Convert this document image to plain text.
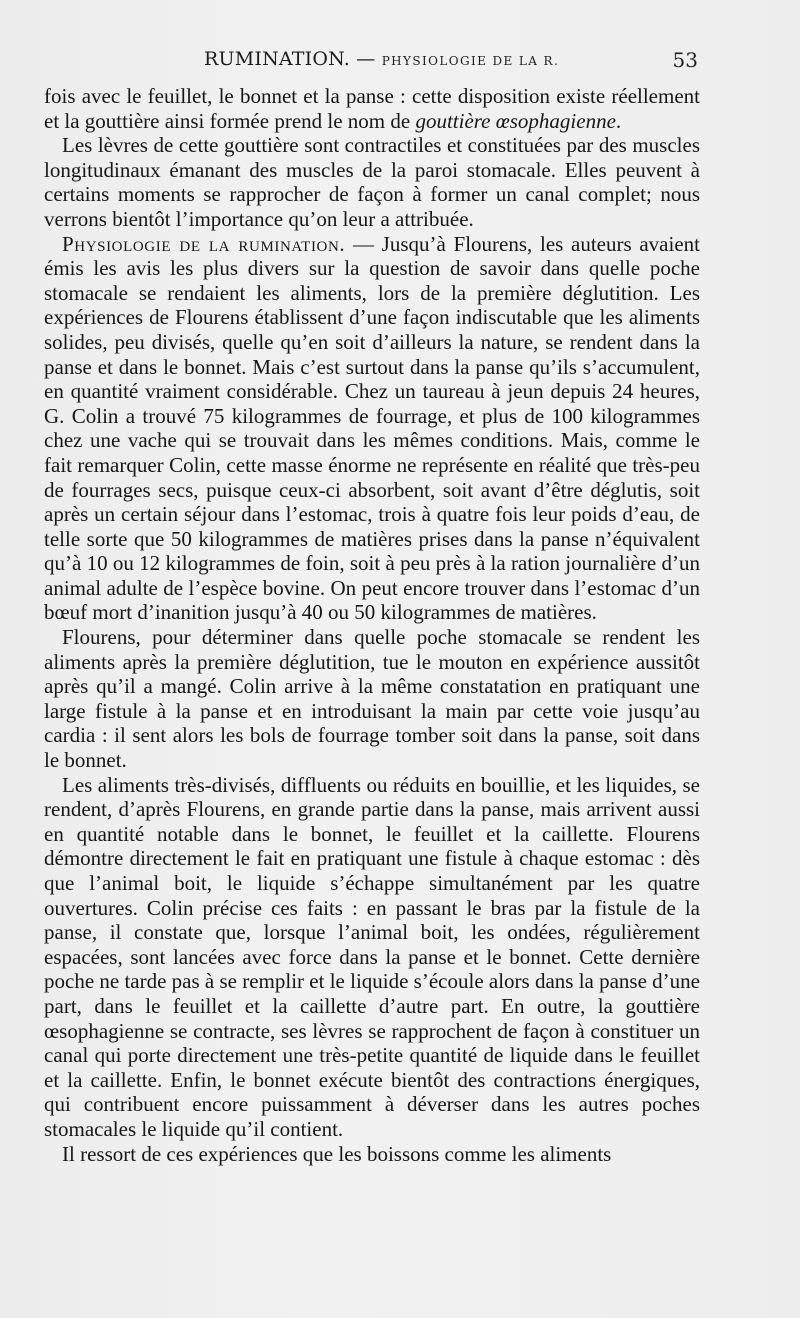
RUMINATION. — PHYSIOLOGIE DE LA R.	53

fois avec le feuillet, le bonnet et la panse : cette disposition existe réellement et la gouttière ainsi formée prend le nom de gouttière œsophagienne.

Les lèvres de cette gouttière sont contractiles et constituées par des muscles longitudinaux émanant des muscles de la paroi stomacale. Elles peuvent à certains moments se rapprocher de façon à former un canal complet; nous verrons bientôt l’importance qu’on leur a attribuée.

Physiologie de la rumination. — Jusqu’à Flourens, les auteurs avaient émis les avis les plus divers sur la question de savoir dans quelle poche stomacale se rendaient les aliments, lors de la première déglutition. Les expériences de Flourens établissent d’une façon indiscutable que les aliments solides, peu divisés, quelle qu’en soit d’ailleurs la nature, se rendent dans la panse et dans le bonnet. Mais c’est surtout dans la panse qu’ils s’accumulent, en quantité vraiment considérable. Chez un taureau à jeun depuis 24 heures, G. Colin a trouvé 75 kilogrammes de fourrage, et plus de 100 kilogrammes chez une vache qui se trouvait dans les mêmes conditions. Mais, comme le fait remarquer Colin, cette masse énorme ne représente en réalité que très-peu de fourrages secs, puisque ceux-ci absorbent, soit avant d’être déglutis, soit après un certain séjour dans l’estomac, trois à quatre fois leur poids d’eau, de telle sorte que 50 kilogrammes de matières prises dans la panse n’équivalent qu’à 10 ou 12 kilogrammes de foin, soit à peu près à la ration journalière d’un animal adulte de l’espèce bovine. On peut encore trouver dans l’estomac d’un bœuf mort d’inanition jusqu’à 40 ou 50 kilogrammes de matières.

Flourens, pour déterminer dans quelle poche stomacale se rendent les aliments après la première déglutition, tue le mouton en expérience aussitôt après qu’il a mangé. Colin arrive à la même constatation en pratiquant une large fistule à la panse et en introduisant la main par cette voie jusqu’au cardia : il sent alors les bols de fourrage tomber soit dans la panse, soit dans le bonnet.

Les aliments très-divisés, diffluents ou réduits en bouillie, et les liquides, se rendent, d’après Flourens, en grande partie dans la panse, mais arrivent aussi en quantité notable dans le bonnet, le feuillet et la caillette. Flourens démontre directement le fait en pratiquant une fistule à chaque estomac : dès que l’animal boit, le liquide s’échappe simultanément par les quatre ouvertures. Colin précise ces faits : en passant le bras par la fistule de la panse, il constate que, lorsque l’animal boit, les ondées, régulièrement espacées, sont lancées avec force dans la panse et le bonnet. Cette dernière poche ne tarde pas à se remplir et le liquide s’écoule alors dans la panse d’une part, dans le feuillet et la caillette d’autre part. En outre, la gouttière œsophagienne se contracte, ses lèvres se rapprochent de façon à constituer un canal qui porte directement une très-petite quantité de liquide dans le feuillet et la caillette. Enfin, le bonnet exécute bientôt des contractions énergiques, qui contribuent encore puissamment à déverser dans les autres poches stomacales le liquide qu’il contient.

Il ressort de ces expériences que les boissons comme les aliments
